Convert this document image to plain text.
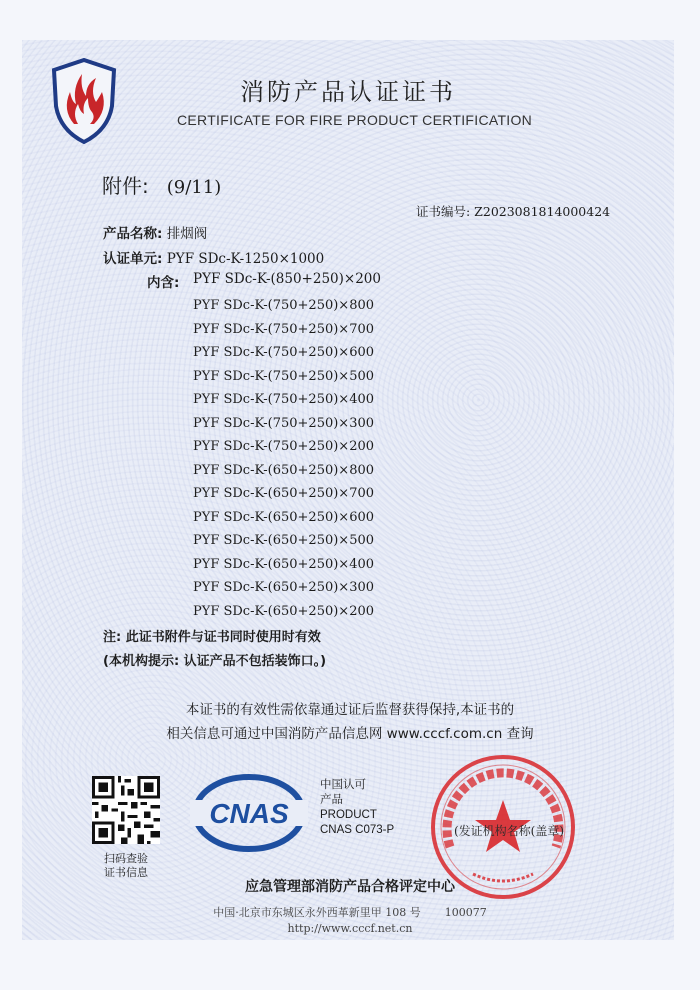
消防产品认证证书
CERTIFICATE FOR FIRE PRODUCT CERTIFICATION
附件: (9/11)
证书编号: Z2023081814000424
产品名称: 排烟阀
认证单元: PYF SDc-K-1250×1000
内含: PYF SDc-K-(850+250)×200
PYF SDc-K-(750+250)×800
PYF SDc-K-(750+250)×700
PYF SDc-K-(750+250)×600
PYF SDc-K-(750+250)×500
PYF SDc-K-(750+250)×400
PYF SDc-K-(750+250)×300
PYF SDc-K-(750+250)×200
PYF SDc-K-(650+250)×800
PYF SDc-K-(650+250)×700
PYF SDc-K-(650+250)×600
PYF SDc-K-(650+250)×500
PYF SDc-K-(650+250)×400
PYF SDc-K-(650+250)×300
PYF SDc-K-(650+250)×200
注: 此证书附件与证书同时使用时有效
(本机构提示: 认证产品不包括装饰口。)
本证书的有效性需依靠通过证后监督获得保持,本证书的
相关信息可通过中国消防产品信息网 www.cccf.com.cn 查询
扫码查验
证书信息
CNAS
中国认可
产品
PRODUCT
CNAS C073-P	(发证机构名称(盖章)
应急管理部消防产品合格评定中心
中国·北京市东城区永外西革新里甲 108 号 100077
http://www.cccf.net.cn
